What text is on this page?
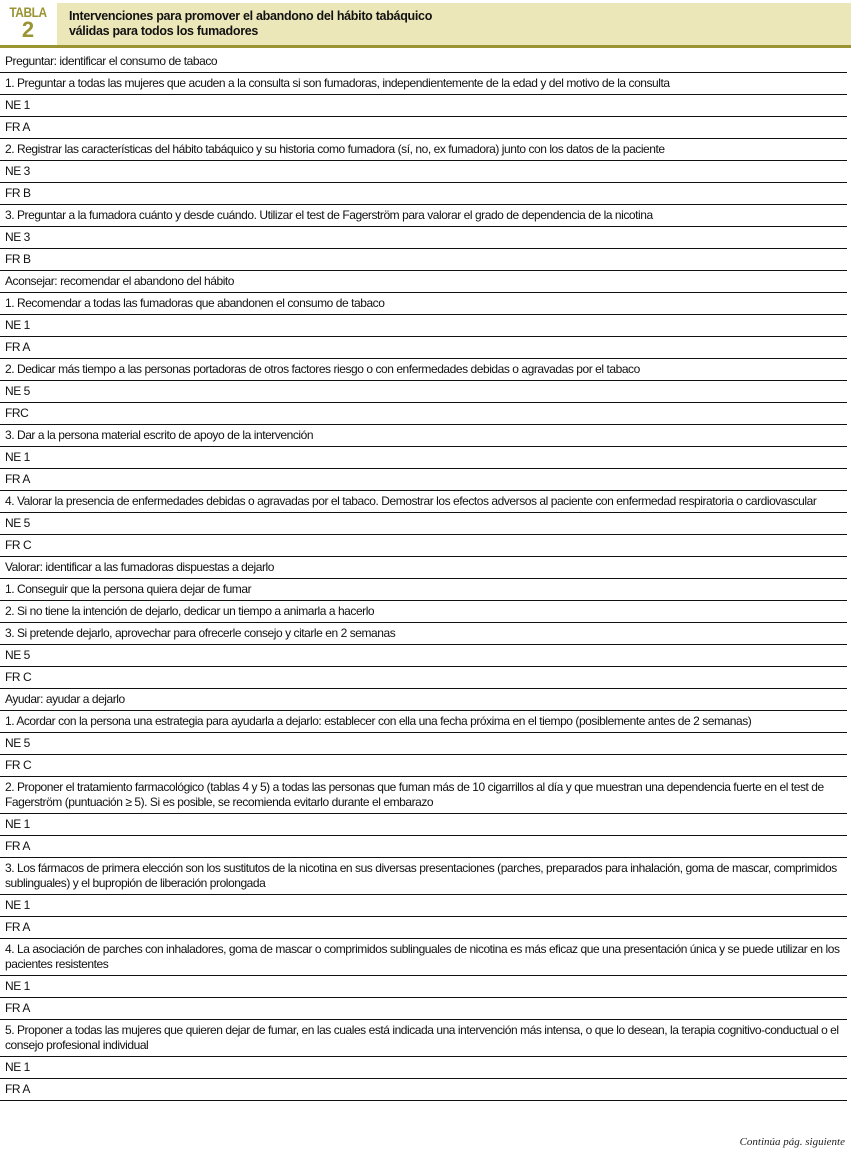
TABLA
2
Intervenciones para promover el abandono del hábito tabáquico
válidas para todos los fumadores
Preguntar: identificar el consumo de tabaco
1. Preguntar a todas las mujeres que acuden a la consulta si son fumadoras, independientemente de la edad y del motivo de la consulta
NE 1
FR A
2. Registrar las características del hábito tabáquico y su historia como fumadora (sí, no, ex fumadora) junto con los datos de la paciente
NE 3
FR B
3. Preguntar a la fumadora cuánto y desde cuándo. Utilizar el test de Fagerström para valorar el grado de dependencia de la nicotina
NE 3
FR B
Aconsejar: recomendar el abandono del hábito
1. Recomendar a todas las fumadoras que abandonen el consumo de tabaco
NE 1
FR A
2. Dedicar más tiempo a las personas portadoras de otros factores riesgo o con enfermedades debidas o agravadas por el tabaco
NE 5
FRC
3. Dar a la persona material escrito de apoyo de la intervención
NE 1
FR A
4. Valorar la presencia de enfermedades debidas o agravadas por el tabaco. Demostrar los efectos adversos al paciente con enfermedad respiratoria o cardiovascular
NE 5
FR C
Valorar: identificar a las fumadoras dispuestas a dejarlo
1. Conseguir que la persona quiera dejar de fumar
2. Si no tiene la intención de dejarlo, dedicar un tiempo a animarla a hacerlo
3. Si pretende dejarlo, aprovechar para ofrecerle consejo y citarle en 2 semanas
NE 5
FR C
Ayudar: ayudar a dejarlo
1. Acordar con la persona una estrategia para ayudarla a dejarlo: establecer con ella una fecha próxima en el tiempo (posiblemente antes de 2 semanas)
NE 5
FR C
2. Proponer el tratamiento farmacológico (tablas 4 y 5) a todas las personas que fuman más de 10 cigarrillos al día y que muestran una dependencia fuerte en el test de Fagerström (puntuación ≥ 5). Si es posible, se recomienda evitarlo durante el embarazo
NE 1
FR A
3. Los fármacos de primera elección son los sustitutos de la nicotina en sus diversas presentaciones (parches, preparados para inhalación, goma de mascar, comprimidos sublinguales) y el bupropión de liberación prolongada
NE 1
FR A
4. La asociación de parches con inhaladores, goma de mascar o comprimidos sublinguales de nicotina es más eficaz que una presentación única y se puede utilizar en los pacientes resistentes
NE 1
FR A
5. Proponer a todas las mujeres que quieren dejar de fumar, en las cuales está indicada una intervención más intensa, o que lo desean, la terapia cognitivo-conductual o el consejo profesional individual
NE 1
FR A
Continúa pág. siguiente
